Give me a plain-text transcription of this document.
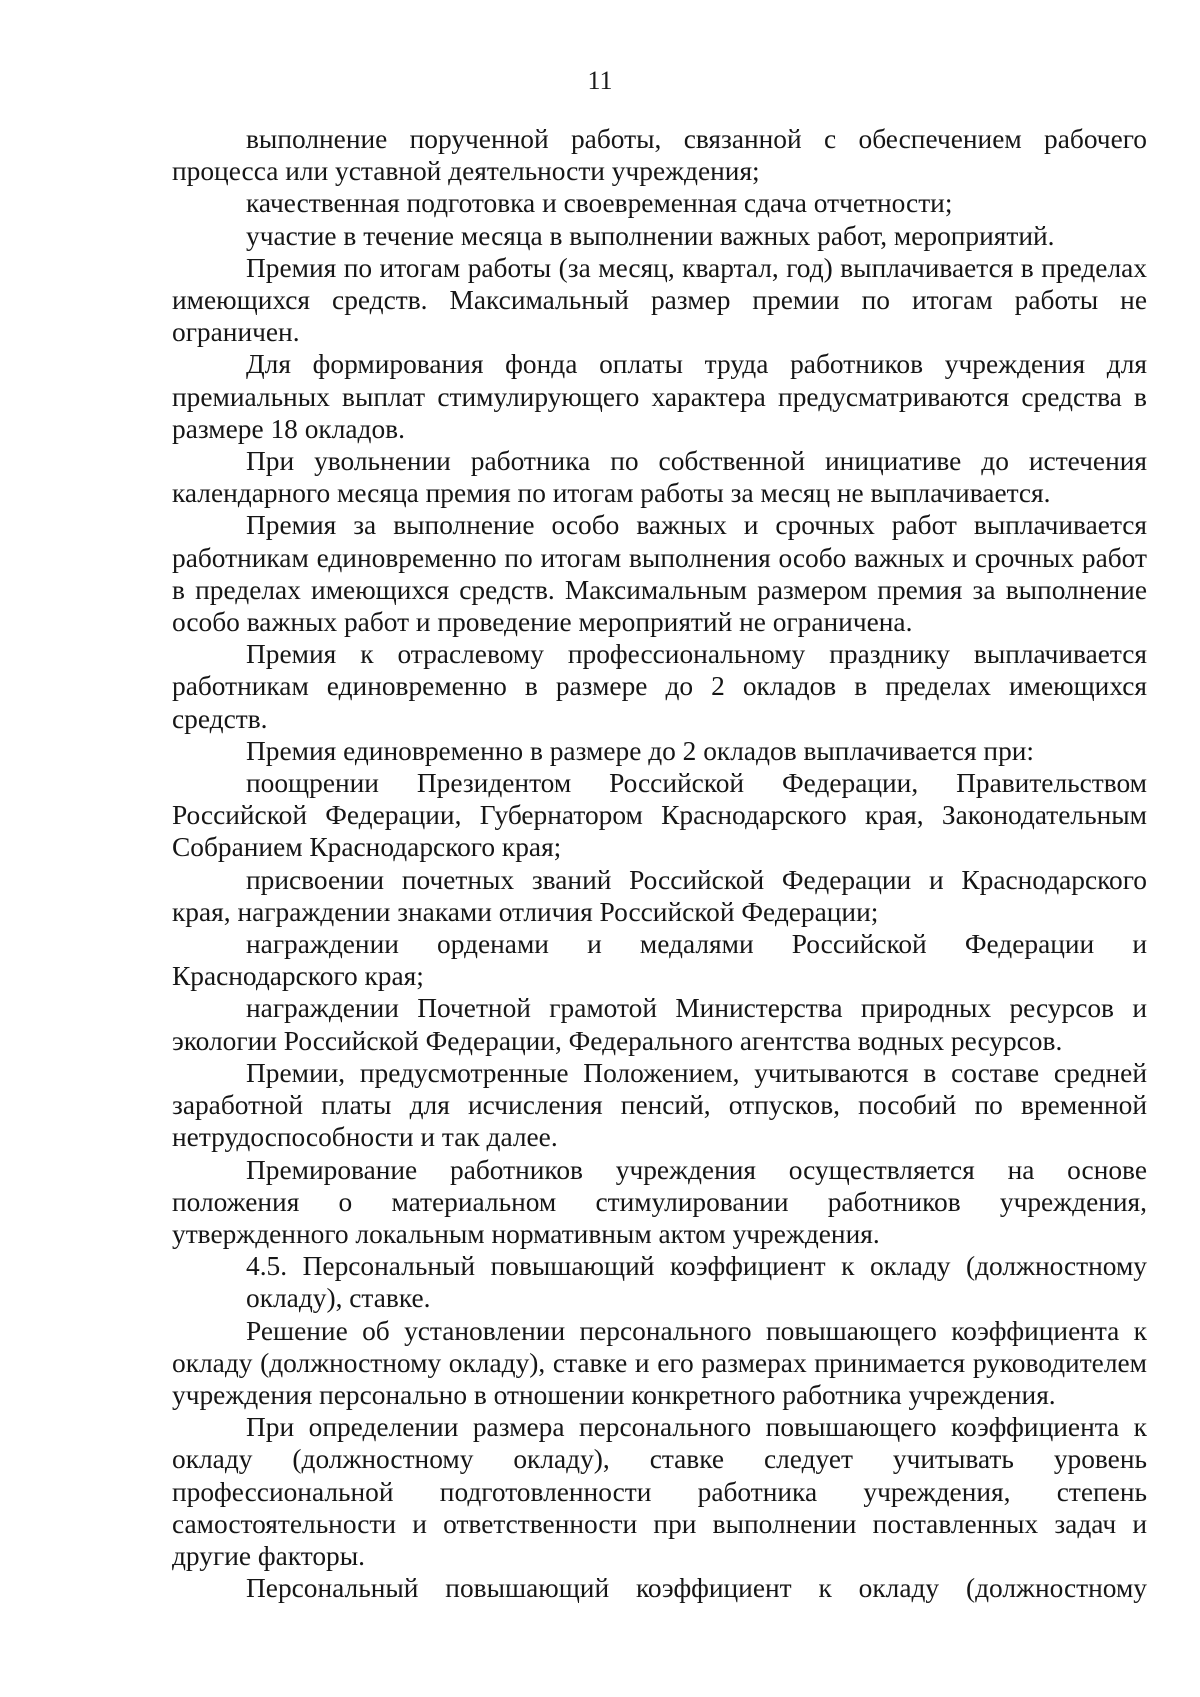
11

выполнение порученной работы, связанной с обеспечением рабочего процесса или уставной деятельности учреждения;

качественная подготовка и своевременная сдача отчетности;

участие в течение месяца в выполнении важных работ, мероприятий.

Премия по итогам работы (за месяц, квартал, год) выплачивается в пределах имеющихся средств. Максимальный размер премии по итогам работы не ограничен.

Для формирования фонда оплаты труда работников учреждения для премиальных выплат стимулирующего характера предусматриваются средства в размере 18 окладов.

При увольнении работника по собственной инициативе до истечения календарного месяца премия по итогам работы за месяц не выплачивается.

Премия за выполнение особо важных и срочных работ выплачивается работникам единовременно по итогам выполнения особо важных и срочных работ в пределах имеющихся средств. Максимальным размером премия за выполнение особо важных работ и проведение мероприятий не ограничена.

Премия к отраслевому профессиональному празднику выплачивается работникам единовременно в размере до 2 окладов в пределах имеющихся средств.

Премия единовременно в размере до 2 окладов выплачивается при:

поощрении Президентом Российской Федерации, Правительством Российской Федерации, Губернатором Краснодарского края, Законодательным Собранием Краснодарского края;

присвоении почетных званий Российской Федерации и Краснодарского края, награждении знаками отличия Российской Федерации;

награждении орденами и медалями Российской Федерации и Краснодарского края;

награждении Почетной грамотой Министерства природных ресурсов и экологии Российской Федерации, Федерального агентства водных ресурсов.

Премии, предусмотренные Положением, учитываются в составе средней заработной платы для исчисления пенсий, отпусков, пособий по временной нетрудоспособности и так далее.

Премирование работников учреждения осуществляется на основе положения о материальном стимулировании работников учреждения, утвержденного локальным нормативным актом учреждения.

4.5. Персональный повышающий коэффициент к окладу (должностному окладу), ставке.

Решение об установлении персонального повышающего коэффициента к окладу (должностному окладу), ставке и его размерах принимается руководителем учреждения персонально в отношении конкретного работника учреждения.

При определении размера персонального повышающего коэффициента к окладу (должностному окладу), ставке следует учитывать уровень профессиональной подготовленности работника учреждения, степень самостоятельности и ответственности при выполнении поставленных задач и другие факторы.

Персональный повышающий коэффициент к окладу (должностному
